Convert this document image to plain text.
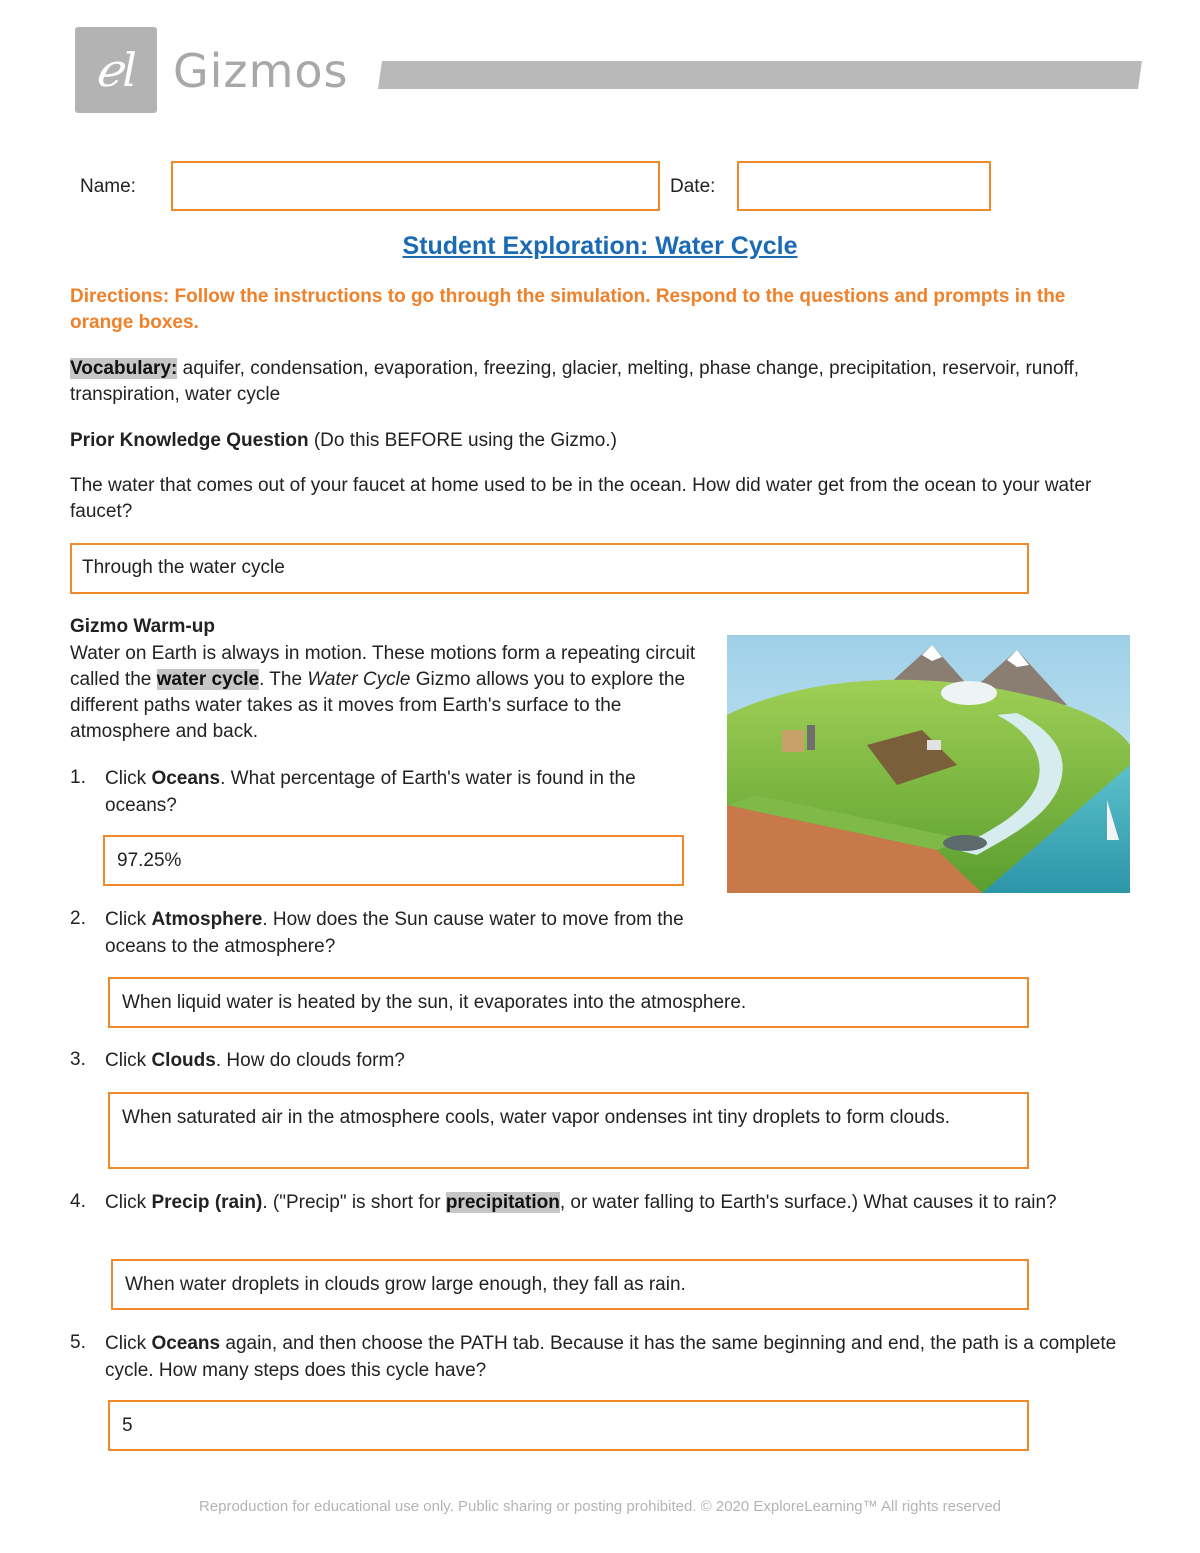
ℯl Gizmos
Name:	Date:
Student Exploration: Water Cycle
Directions: Follow the instructions to go through the simulation. Respond to the questions and prompts in the orange boxes.
Vocabulary: aquifer, condensation, evaporation, freezing, glacier, melting, phase change, precipitation, reservoir, runoff, transpiration, water cycle
Prior Knowledge Question (Do this BEFORE using the Gizmo.)
The water that comes out of your faucet at home used to be in the ocean. How did water get from the ocean to your water faucet?
Through the water cycle
Gizmo Warm-up
Water on Earth is always in motion. These motions form a repeating circuit called the water cycle. The Water Cycle Gizmo allows you to explore the different paths water takes as it moves from Earth's surface to the atmosphere and back.
1. Click Oceans. What percentage of Earth's water is found in the oceans?
97.25%
2. Click Atmosphere. How does the Sun cause water to move from the oceans to the atmosphere?
When liquid water is heated by the sun, it evaporates into the atmosphere.
3. Click Clouds. How do clouds form?
When saturated air in the atmosphere cools, water vapor ondenses int tiny droplets to form clouds.
4. Click Precip (rain). ("Precip" is short for precipitation, or water falling to Earth's surface.) What causes it to rain?
When water droplets in clouds grow large enough, they fall as rain.
5. Click Oceans again, and then choose the PATH tab. Because it has the same beginning and end, the path is a complete cycle. How many steps does this cycle have?
5
Reproduction for educational use only. Public sharing or posting prohibited. © 2020 ExploreLearning™ All rights reserved
